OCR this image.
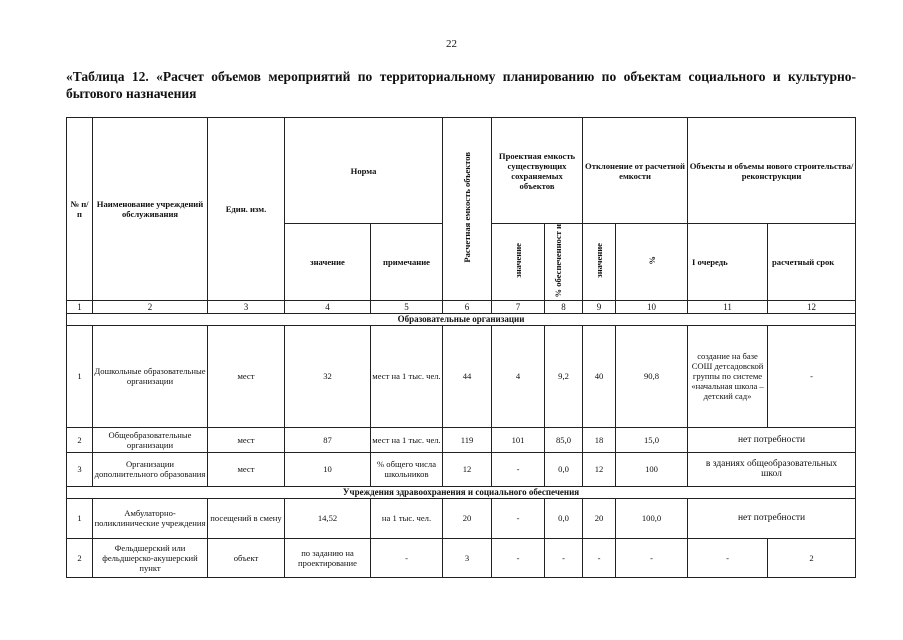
22
«Таблица 12. «Расчет объемов мероприятий по территориальному планированию по объектам социального и культурно-бытового назначения
№ п/п	Наименование учреждений обслуживания	Един. изм.	Норма		Расчетная емкость объектов	Проектная емкость существующих сохраняемых объектов		Отклонение от расчетной емкости		Объекты и объемы нового строительства/реконструкции	
			значение	примечание		значение	% обеспеченност и	значение	%	I очередь	расчетный срок
1	2	3	4	5	6	7	8	9	10	11	12
Образовательные организации											
1	Дошкольные образовательные организации	мест	32	мест на 1 тыс. чел.	44	4	9,2	40	90,8	создание на базе СОШ детсадовской группы по системе «начальная школа – детский сад»	-
2	Общеобразовательные организации	мест	87	мест на 1 тыс. чел.	119	101	85,0	18	15,0	нет потребности	
3	Организации дополнительного образования	мест	10	% общего числа школьников	12	-	0,0	12	100	в зданиях общеобразовательных школ	
Учреждения здравоохранения и социального обеспечения											
1	Амбулаторно-поликлинические учреждения	посещений в смену	14,52	на 1 тыс. чел.	20	-	0,0	20	100,0	нет потребности	
2	Фельдшерский или фельдшерско-акушерский пункт	объект	по заданию на проектирование	-	3	-	-	-	-	-	2
